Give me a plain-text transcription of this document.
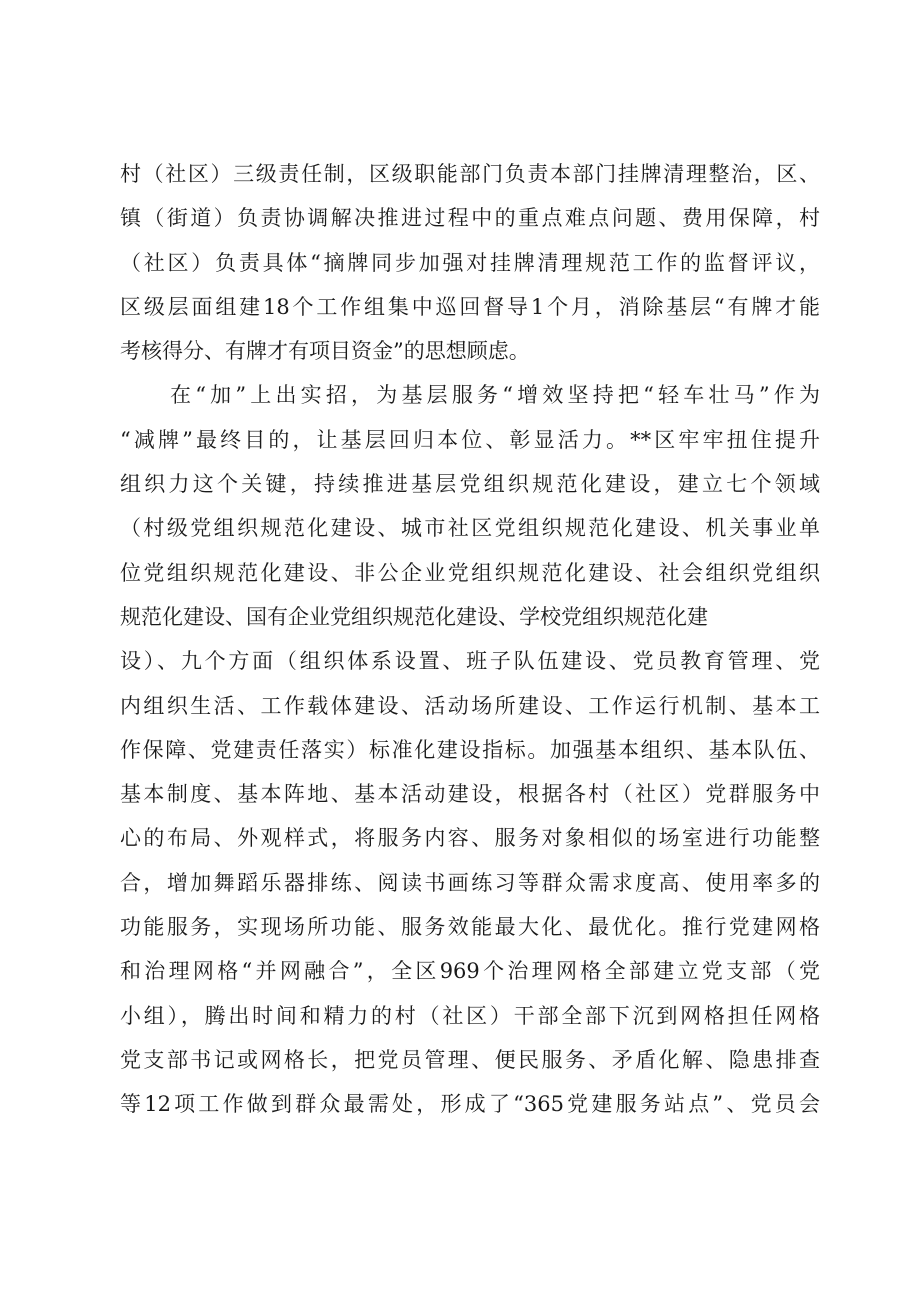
村（社区）三级责任制，区级职能部门负责本部门挂牌清理整治，区、
镇（街道）负责协调解决推进过程中的重点难点问题、费用保障，村
（社区）负责具体“摘牌同步加强对挂牌清理规范工作的监督评议，
区级层面组建18个工作组集中巡回督导1个月，消除基层“有牌才能
考核得分、有牌才有项目资金”的思想顾虑。
在“加”上出实招，为基层服务“增效坚持把“轻车壮马”作为
“减牌”最终目的，让基层回归本位、彰显活力。**区牢牢扭住提升
组织力这个关键，持续推进基层党组织规范化建设，建立七个领域
（村级党组织规范化建设、城市社区党组织规范化建设、机关事业单
位党组织规范化建设、非公企业党组织规范化建设、社会组织党组织
规范化建设、国有企业党组织规范化建设、学校党组织规范化建
设）、九个方面（组织体系设置、班子队伍建设、党员教育管理、党
内组织生活、工作载体建设、活动场所建设、工作运行机制、基本工
作保障、党建责任落实）标准化建设指标。加强基本组织、基本队伍、
基本制度、基本阵地、基本活动建设，根据各村（社区）党群服务中
心的布局、外观样式，将服务内容、服务对象相似的场室进行功能整
合，增加舞蹈乐器排练、阅读书画练习等群众需求度高、使用率多的
功能服务，实现场所功能、服务效能最大化、最优化。推行党建网格
和治理网格“并网融合”，全区969个治理网格全部建立党支部（党
小组），腾出时间和精力的村（社区）干部全部下沉到网格担任网格
党支部书记或网格长，把党员管理、便民服务、矛盾化解、隐患排查
等12项工作做到群众最需处，形成了“365党建服务站点”、党员会
